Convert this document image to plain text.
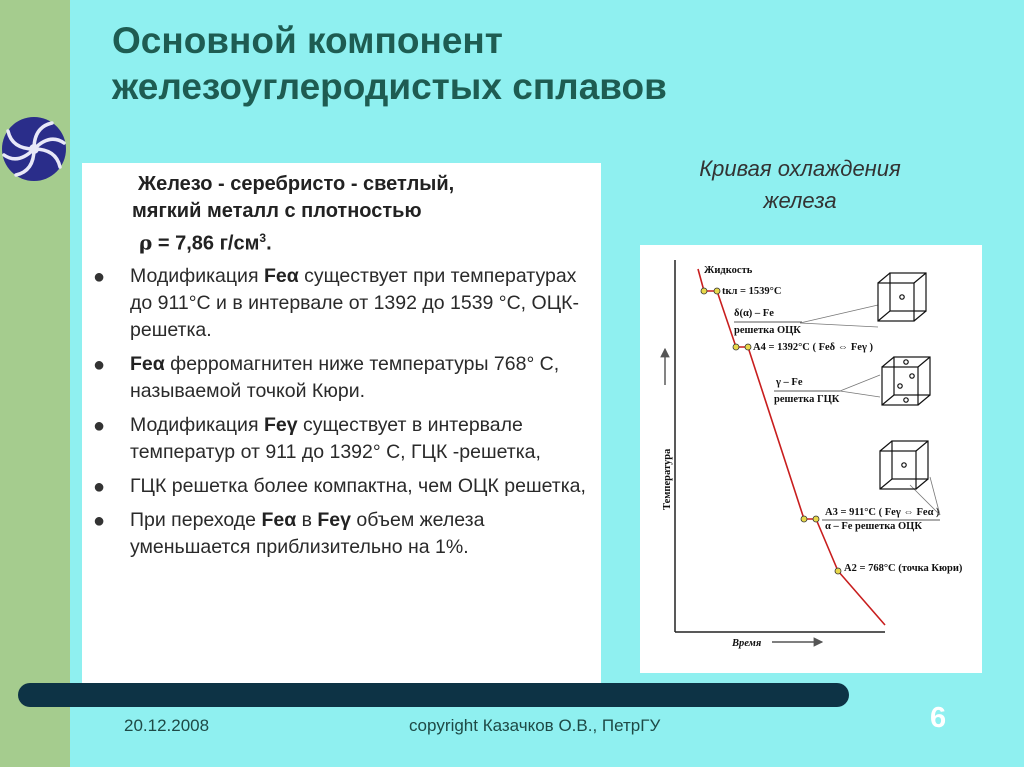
Основной компонент
железоуглеродистых сплавов
Железо - серебристо - светлый,
мягкий металл с плотностью
ρ = 7,86 $г/см^3$.
● Модификация Feα существует при температурах до 911°С и в интервале от 1392 до 1539 °С, ОЦК- решетка.
● Feα ферромагнитен ниже температуры 768° С, называемой точкой Кюри.
● Модификация Feγ существует в интервале температур от 911 до 1392° С, ГЦК -решетка,
● ГЦК решетка более компактна, чем ОЦК решетка,
● При переходе Feα в Feγ объем железа уменьшается приблизительно на 1%.
Кривая охлаждения
железа
Температура
Время
Жидкость
tкл = 1539°С
δ(α) – Fe
решетка ОЦК
A4 = 1392°С ( Feδ ⇔ Feγ )
γ – Fe
решетка ГЦК
A3 = 911°С ( Feγ ⇔ Feα )
α – Fe решетка ОЦК
A2 = 768°С (точка Кюри)
20.12.2008	copyright Казачков О.В., ПетрГУ	6
